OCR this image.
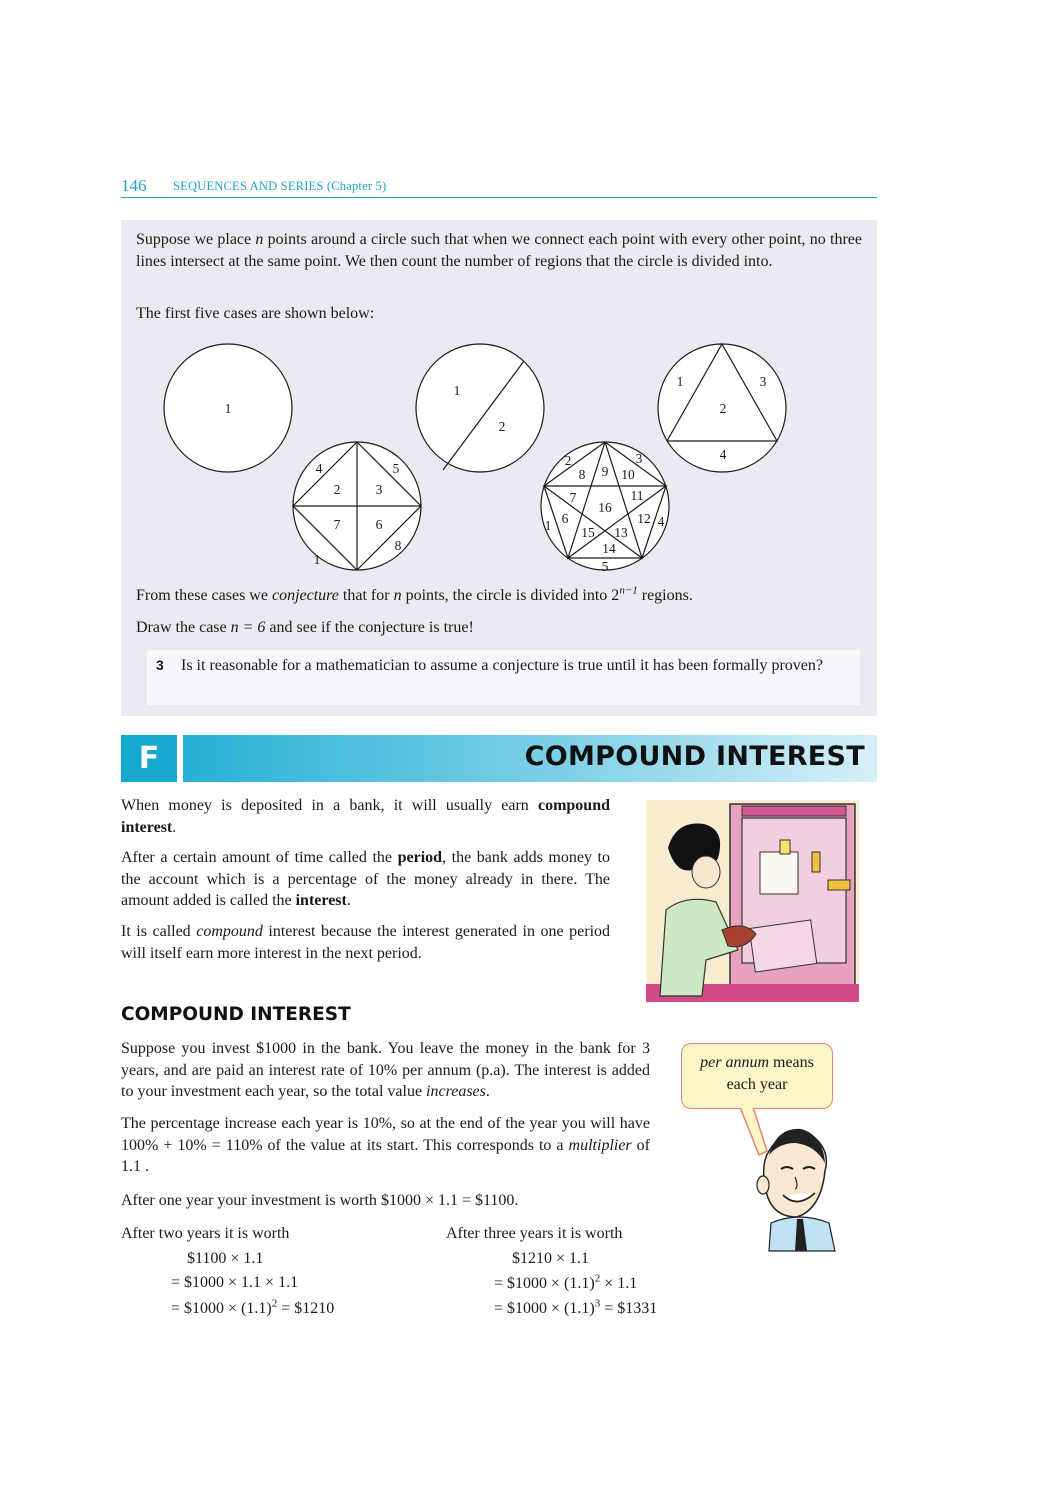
146 SEQUENCES AND SERIES (Chapter 5)
Suppose we place n points around a circle such that when we connect each point with every other point, no three lines intersect at the same point. We then count the number of regions that the circle is divided into.
The first five cases are shown below:
1
1
2
1
2
3
4
1
2	3
4	5
6
7
8
1
2	3
4
5
6
7
8 9 10
11
12
13
14
15
16
From these cases we conjecture that for n points, the circle is divided into $2^{n-1}$ regions.
Draw the case n = 6 and see if the conjecture is true!
3 Is it reasonable for a mathematician to assume a conjecture is true until it has been formally proven?
F	COMPOUND INTEREST
When money is deposited in a bank, it will usually earn compound interest.
After a certain amount of time called the period, the bank adds money to the account which is a percentage of the money already in there. The amount added is called the interest.
It is called compound interest because the interest generated in one period will itself earn more interest in the next period.
COMPOUND INTEREST
Suppose you invest $1000 in the bank. You leave the money in the bank for 3 years, and are paid an interest rate of 10% per annum (p.a). The interest is added to your investment each year, so the total value increases.
The percentage increase each year is 10%, so at the end of the year you will have 100% + 10% = 110% of the value at its start. This corresponds to a multiplier of 1.1 .
After one year your investment is worth $1000 × 1.1 = $1100.
per annum means
each year
After two years it is worth
$1100 × 1.1
= $1000 × 1.1 × 1.1
= $1000 × $(1.1)^2$ = $1210
After three years it is worth
$1210 × 1.1
= $1000 × $(1.1)^2 \times 1.1$
= $1000 × $(1.1)^3$ = $1331
